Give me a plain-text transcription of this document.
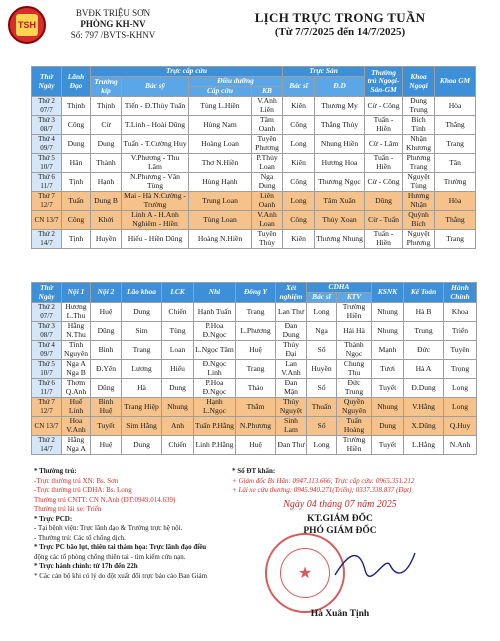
TSH
BVĐK TRIỆU SƠN
PHÒNG KH-NV
Số: 797 /BVTS-KHNV
LỊCH TRỰC TRONG TUẦN
(Từ 7/7/2025 đến 14/7/2025)
Thứ Ngày	Lãnh Đạo	Trực cấp cứu				Trực Sản		Thường trú Ngoại-Sản-GM	Khoa Ngoại	Khoa GM
		Trưởng kíp	Bác sỹ	Điều dưỡng		Bác sĩ	Đ.D			
				Cấp cứu	KB					
Thứ 2 07/7	Thịnh	Thịnh	Tiến - Đ.Thùy Tuấn	Tùng L.Hiền	V.Anh Liên	Kiên	Thương My	Cừ - Công	Dung Trung	Hòa
Thứ 3 08/7	Công	Cừ	T.Linh - Hoài Dũng	Hùng Nam	Tâm Oanh	Công	Thắng Thủy	Tuấn - Hiền	Bích Tỉnh	Thắng
Thứ 4 09/7	Dung	Dung	Tuấn - T.Cường Huy	Hoàng Loan	Tuyên Phương	Long	Nhung Hiền	Cừ - Lâm	Nhận Khương	Trang
Thứ 5 10/7	Hân	Thành	V.Phương - Thu Lâm	Thơ N.Hiền	P.Thủy Loan	Kiên	Hương Hoa	Tuấn - Hiền	Phương Trang	Tân
Thứ 6 11/7	Tịnh	Hạnh	N.Phương - Văn Tùng	Hùng Hạnh	Nga Dung	Công	Thương Ngọc	Cừ - Công	Nguyệt Tùng	Trường
Thứ 7 12/7	Tuấn	Dung B	Mai - Hà N.Cường - Trường	Trung Loan	Liên Oanh	Long	Tâm Xuân	Dũng	Hương Nhận	Hòa
CN 13/7	Công	Khởi	Linh A - H.Anh Nghiêm - Hiền	Tùng Loan	V.Anh Loan	Công	Thủy Xoan	Cừ - Tuấn	Quỳnh Bích	Thắng
Thứ 2 14/7	Tịnh	Huyền	Hiếu - Hiền Dũng	Hoàng N.Hiền	Tuyên Thủy	Kiên	Thương Nhung	Tuấn - Hiền	Nguyệt Phương	Trang
Thứ Ngày	Nội 1	Nội 2	Lão khoa	LCK	Nhi	Đông Y	Xét nghiệm	CDHA		KSNK	Kế Toán	Hành Chính
								Bác sĩ	KTV			
Thứ 2 07/7	Hương L.Thu	Huệ	Dung	Chiến	Hạnh Tuấn	Trang	Lan Thư	Long	Trường Hiền	Nhung	Hà B	Khoa
Thứ 3 08/7	Hằng N.Thu	Dũng	Sim	Tùng	P.Hoa Đ.Ngọc	L.Phương	Đan Dung	Nga	Hải Hà	Nhung	Trung	Triển
Thứ 4 09/7	Tính Nguyên	Bình	Trang	Loan	L.Ngọc Tâm	Huệ	Thủy Đại	Sổ	Thành Ngọc	Mạnh	Đức	Tuyên
Thứ 5 10/7	Nga A Nga B	Đ.Yến	Lương	Hiếu	Đ.Ngọc Linh	Trang	Lan V.Anh	Huyền	Chung Thu	Tươi	Hà A	Trọng
Thứ 6 11/7	Thơm Q.Anh	Dũng	Hà	Dung	P.Hoa Đ.Ngọc	Thảo	Đan Mận	Sổ	Đức Trung	Tuyết	Đ.Dung	Long
Thứ 7 12/7	Huế Linh	Bình Huệ	Trang Hiệp	Nhung	Hạnh L.Ngọc	Thắm	Thủy Nguyệt	Thuấn	Quyền Nguyên	Nhung	V.Hằng	Long
CN 13/7	Hoa V.Anh	Tuyết	Sim Hằng	Anh	Tuấn P.Hằng	N.Phương	Sinh Lam	Sổ	Tuấn Hoàng	Dung	X.Dũng	Q.Huy
Thứ 2 14/7	Hằng Nga A	Huệ	Dung	Chiến	Linh P.Hằng	Huệ	Đan Thư	Long	Trường Hiền	Tuyết	L.Hằng	N.Anh
* Thường trú:
-Trực thường trú XN: Bs. Sơn
-Trực thường trú CĐHA: Bs. Long
Thường trú CNTT: CN N.Anh (ĐT:0949.014.639)
Thường trú lái xe: Triển
* Trực PCD:
- Tại bệnh viện: Trực lãnh đạo & Trưởng trực hệ nội.
- Thường trú: Các tổ chống dịch.
* Trực PC bão lụt, thiên tai thảm họa: Trực lãnh đạo điều
động các tổ phòng chống thiên tai - tìm kiếm cứu nạn.
* Trực hành chính: từ 17h đến 22h
* Các cán bộ khi có lý do đột xuất đổi trực báo cáo Ban Giám
* Số ĐT khẩn:
+ Giám đốc Bs Hân: 0947.113.666; Trực cấp cứu: 0965.351.212
+ Lái xe cứu thương: 0945.940.271(Triển); 0337.338.837 (Đạt)
Ngày 04 tháng 07 năm 2025
KT.GIÁM ĐỐC
PHÓ GIÁM ĐỐC
★
Hà Xuân Tịnh
